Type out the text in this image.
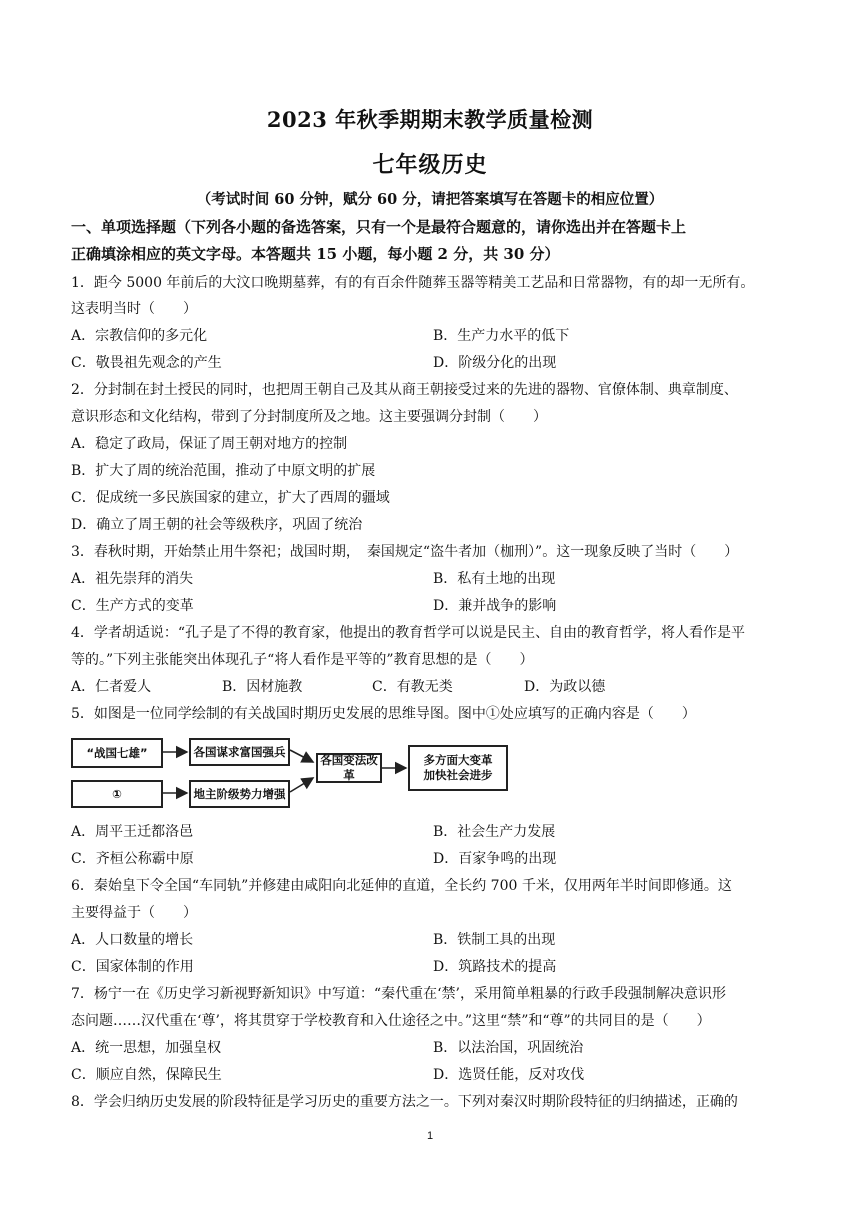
2023 年秋季期期末教学质量检测
七年级历史
（考试时间 60 分钟，赋分 60 分，请把答案填写在答题卡的相应位置）
一、单项选择题（下列各小题的备选答案，只有一个是最符合题意的，请你选出并在答题卡上
正确填涂相应的英文字母。本答题共 15 小题，每小题 2 分，共 30 分）
1．距今 5000 年前后的大汶口晚期墓葬，有的有百余件随葬玉器等精美工艺品和日常器物，有的却一无所有。
这表明当时（　　）
A．宗教信仰的多元化	B．生产力水平的低下
C．敬畏祖先观念的产生	D．阶级分化的出现
2．分封制在封土授民的同时，也把周王朝自己及其从商王朝接受过来的先进的器物、官僚体制、典章制度、
意识形态和文化结构，带到了分封制度所及之地。这主要强调分封制（　　）
A．稳定了政局，保证了周王朝对地方的控制
B．扩大了周的统治范围，推动了中原文明的扩展
C．促成统一多民族国家的建立，扩大了西周的疆域
D．确立了周王朝的社会等级秩序，巩固了统治
3．春秋时期，开始禁止用牛祭祀；战国时期，　秦国规定“盗牛者加（枷刑）”。这一现象反映了当时（　　）
A．祖先崇拜的消失	B．私有土地的出现
C．生产方式的变革	D．兼并战争的影响
4．学者胡适说：“孔子是了不得的教育家，他提出的教育哲学可以说是民主、自由的教育哲学，将人看作是平
等的。”下列主张能突出体现孔子“将人看作是平等的”教育思想的是（　　）
A．仁者爱人	B．因材施教	C．有教无类	D．为政以德
5．如图是一位同学绘制的有关战国时期历史发展的思维导图。图中①处应填写的正确内容是（　　）
“战国七雄”
①
各国谋求富国强兵
地主阶级势力增强
各国变法改革
多方面大变革
加快社会进步
A．周平王迁都洛邑	B．社会生产力发展
C．齐桓公称霸中原	D．百家争鸣的出现
6．秦始皇下令全国“车同轨”并修建由咸阳向北延伸的直道，全长约 700 千米，仅用两年半时间即修通。这
主要得益于（　　）
A．人口数量的增长	B．铁制工具的出现
C．国家体制的作用	D．筑路技术的提高
7．杨宁一在《历史学习新视野新知识》中写道：“秦代重在‘禁’，采用简单粗暴的行政手段强制解决意识形
态问题……汉代重在‘尊’，将其贯穿于学校教育和入仕途径之中。”这里“禁”和“尊”的共同目的是（　　）
A．统一思想，加强皇权	B．以法治国，巩固统治
C．顺应自然，保障民生	D．选贤任能，反对攻伐
8．学会归纳历史发展的阶段特征是学习历史的重要方法之一。下列对秦汉时期阶段特征的归纳描述，正确的
1
